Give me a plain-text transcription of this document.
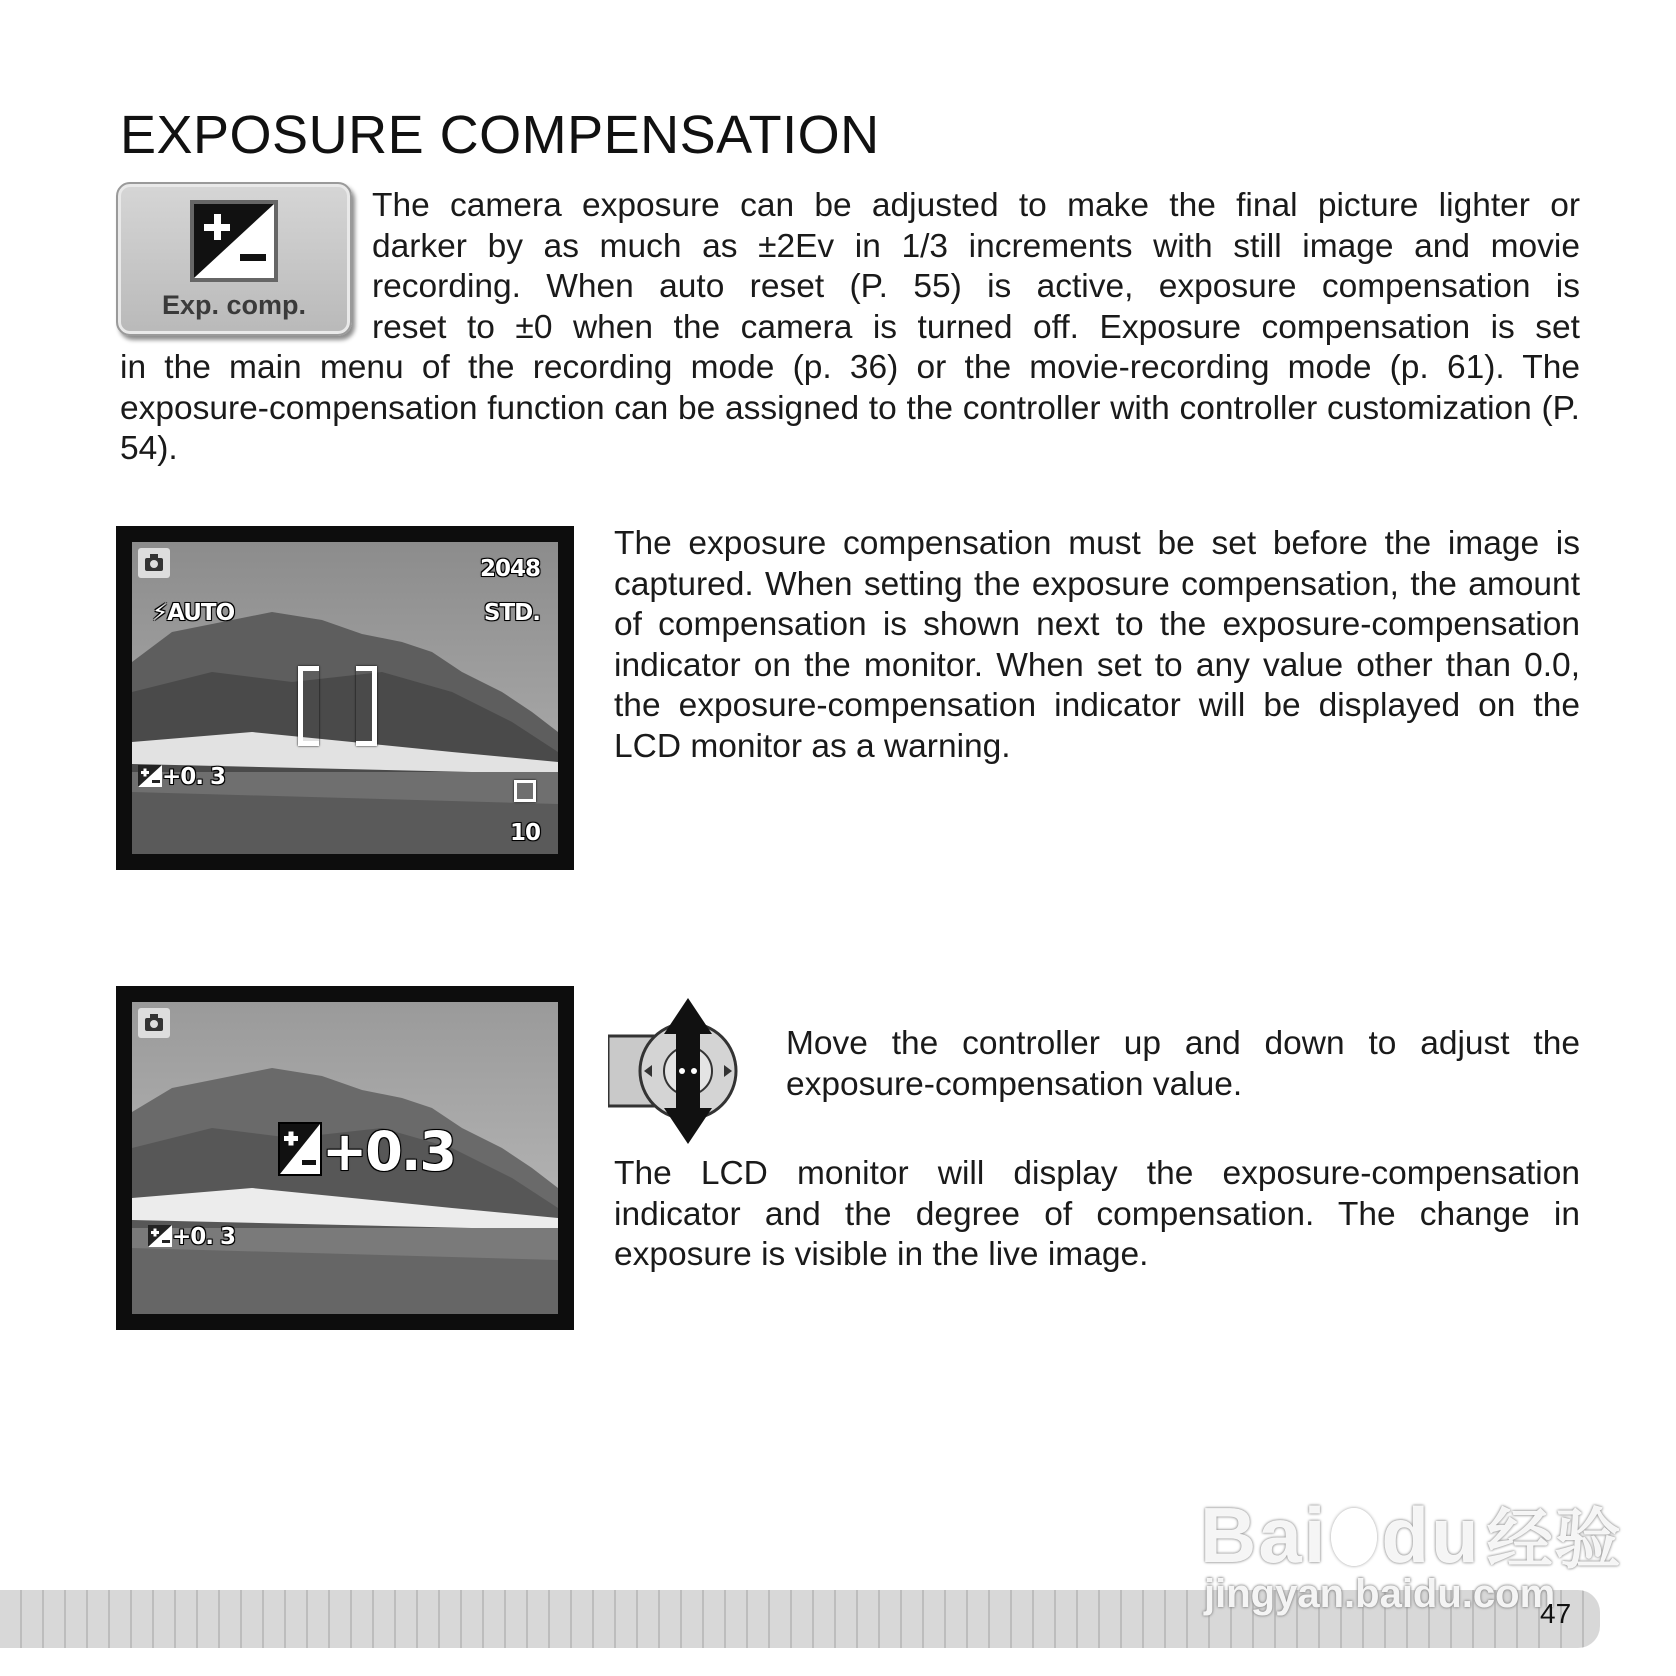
EXPOSURE COMPENSATION
Exp. comp.

The camera exposure can be adjusted to make the final picture lighter or

darker by as much as ±2Ev in 1/3 increments with still image and movie

recording. When auto reset (P. 55) is active, exposure compensation is

reset to ±0 when the camera is turned off. Exposure compensation is set

in the main menu of the recording mode (p. 36) or the movie-recording mode (p. 61). The exposure-compensation function can be assigned to the controller with controller customization (P. 54).

2048
STD.
⚡AUTO
+0. 3
10

The exposure compensation must be set before the image is captured. When setting the exposure compensation, the amount of compensation is shown next to the exposure-compensation indicator on the monitor. When set to any value other than 0.0, the exposure-compensation indicator will be displayed on the LCD monitor as a warning.

+0.3
+0. 3

Move the controller up and down to adjust the exposure-compensation value.

The LCD monitor will display the exposure-compensation indicator and the degree of compensation. The change in exposure is visible in the live image.

Bai du经验
jingyan.baidu.com
47
